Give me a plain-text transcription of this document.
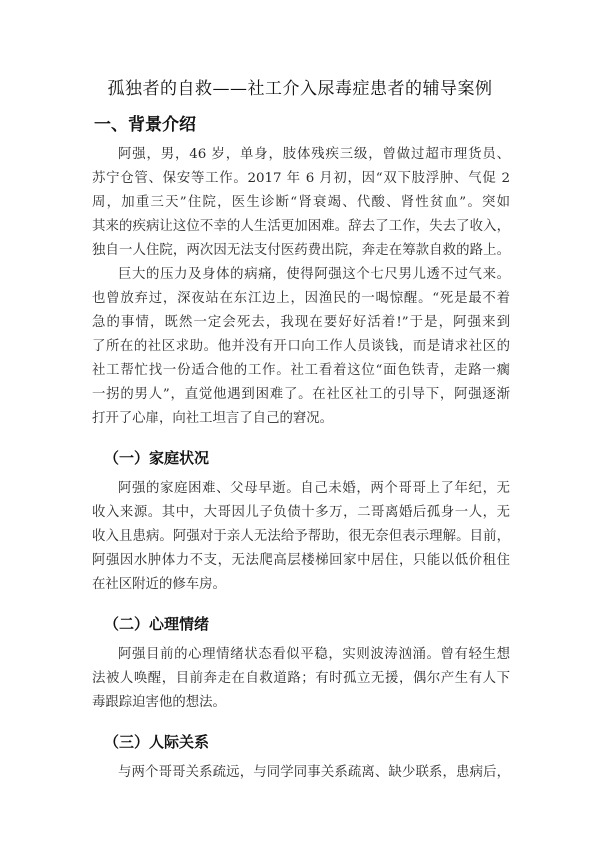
孤独者的自救——社工介入尿毒症患者的辅导案例
一、背景介绍
阿强，男，46 岁，单身，肢体残疾三级，曾做过超市理货员、
苏宁仓管、保安等工作。2017 年 6 月初，因“双下肢浮肿、气促 2
周，加重三天”住院，医生诊断“肾衰竭、代酸、肾性贫血”。突如
其来的疾病让这位不幸的人生活更加困难。辞去了工作，失去了收入，
独自一人住院，两次因无法支付医药费出院，奔走在筹款自救的路上。
巨大的压力及身体的病痛，使得阿强这个七尺男儿透不过气来。
也曾放弃过，深夜站在东江边上，因渔民的一喝惊醒。“死是最不着
急的事情，既然一定会死去，我现在要好好活着!”于是，阿强来到
了所在的社区求助。他并没有开口向工作人员谈钱，而是请求社区的
社工帮忙找一份适合他的工作。社工看着这位“面色铁青，走路一瘸
一拐的男人”，直觉他遇到困难了。在社区社工的引导下，阿强逐渐
打开了心扉，向社工坦言了自己的窘况。
（一）家庭状况
阿强的家庭困难、父母早逝。自己未婚，两个哥哥上了年纪，无
收入来源。其中，大哥因儿子负债十多万，二哥离婚后孤身一人，无
收入且患病。阿强对于亲人无法给予帮助，很无奈但表示理解。目前，
阿强因水肿体力不支，无法爬高层楼梯回家中居住，只能以低价租住
在社区附近的修车房。
（二）心理情绪
阿强目前的心理情绪状态看似平稳，实则波涛汹涌。曾有轻生想
法被人唤醒，目前奔走在自救道路；有时孤立无援，偶尔产生有人下
毒跟踪迫害他的想法。
（三）人际关系
与两个哥哥关系疏远，与同学同事关系疏离、缺少联系，患病后，
